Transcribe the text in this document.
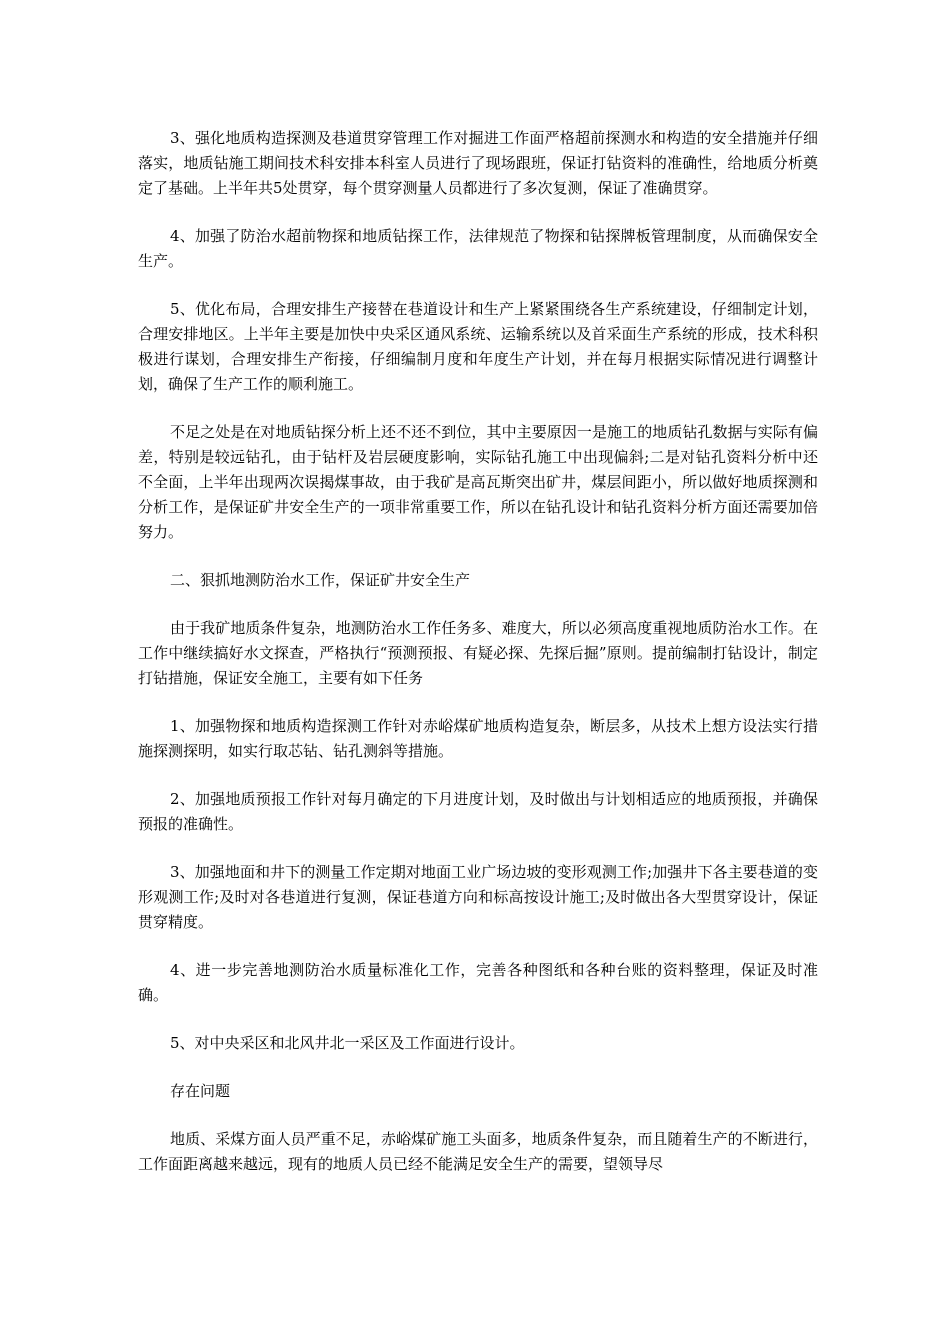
3、强化地质构造探测及巷道贯穿管理工作对掘进工作面严格超前探测水和构造的安全措施并仔细落实，地质钻施工期间技术科安排本科室人员进行了现场跟班，保证打钻资料的准确性，给地质分析奠定了基础。上半年共5处贯穿，每个贯穿测量人员都进行了多次复测，保证了准确贯穿。

4、加强了防治水超前物探和地质钻探工作，法律规范了物探和钻探牌板管理制度，从而确保安全生产。

5、优化布局，合理安排生产接替在巷道设计和生产上紧紧围绕各生产系统建设，仔细制定计划，合理安排地区。上半年主要是加快中央采区通风系统、运输系统以及首采面生产系统的形成，技术科积极进行谋划，合理安排生产衔接，仔细编制月度和年度生产计划，并在每月根据实际情况进行调整计划，确保了生产工作的顺利施工。

不足之处是在对地质钻探分析上还不还不到位，其中主要原因一是施工的地质钻孔数据与实际有偏差，特别是较远钻孔，由于钻杆及岩层硬度影响，实际钻孔施工中出现偏斜;二是对钻孔资料分析中还不全面，上半年出现两次误揭煤事故，由于我矿是高瓦斯突出矿井，煤层间距小，所以做好地质探测和分析工作，是保证矿井安全生产的一项非常重要工作，所以在钻孔设计和钻孔资料分析方面还需要加倍努力。

二、狠抓地测防治水工作，保证矿井安全生产

由于我矿地质条件复杂，地测防治水工作任务多、难度大，所以必须高度重视地质防治水工作。在工作中继续搞好水文探查，严格执行“预测预报、有疑必探、先探后掘”原则。提前编制打钻设计，制定打钻措施，保证安全施工，主要有如下任务

1、加强物探和地质构造探测工作针对赤峪煤矿地质构造复杂，断层多，从技术上想方设法实行措施探测探明，如实行取芯钻、钻孔测斜等措施。

2、加强地质预报工作针对每月确定的下月进度计划，及时做出与计划相适应的地质预报，并确保预报的准确性。

3、加强地面和井下的测量工作定期对地面工业广场边坡的变形观测工作;加强井下各主要巷道的变形观测工作;及时对各巷道进行复测，保证巷道方向和标高按设计施工;及时做出各大型贯穿设计，保证贯穿精度。

4、进一步完善地测防治水质量标准化工作，完善各种图纸和各种台账的资料整理，保证及时准确。

5、对中央采区和北风井北一采区及工作面进行设计。

存在问题

地质、采煤方面人员严重不足，赤峪煤矿施工头面多，地质条件复杂，而且随着生产的不断进行，工作面距离越来越远，现有的地质人员已经不能满足安全生产的需要，望领导尽
